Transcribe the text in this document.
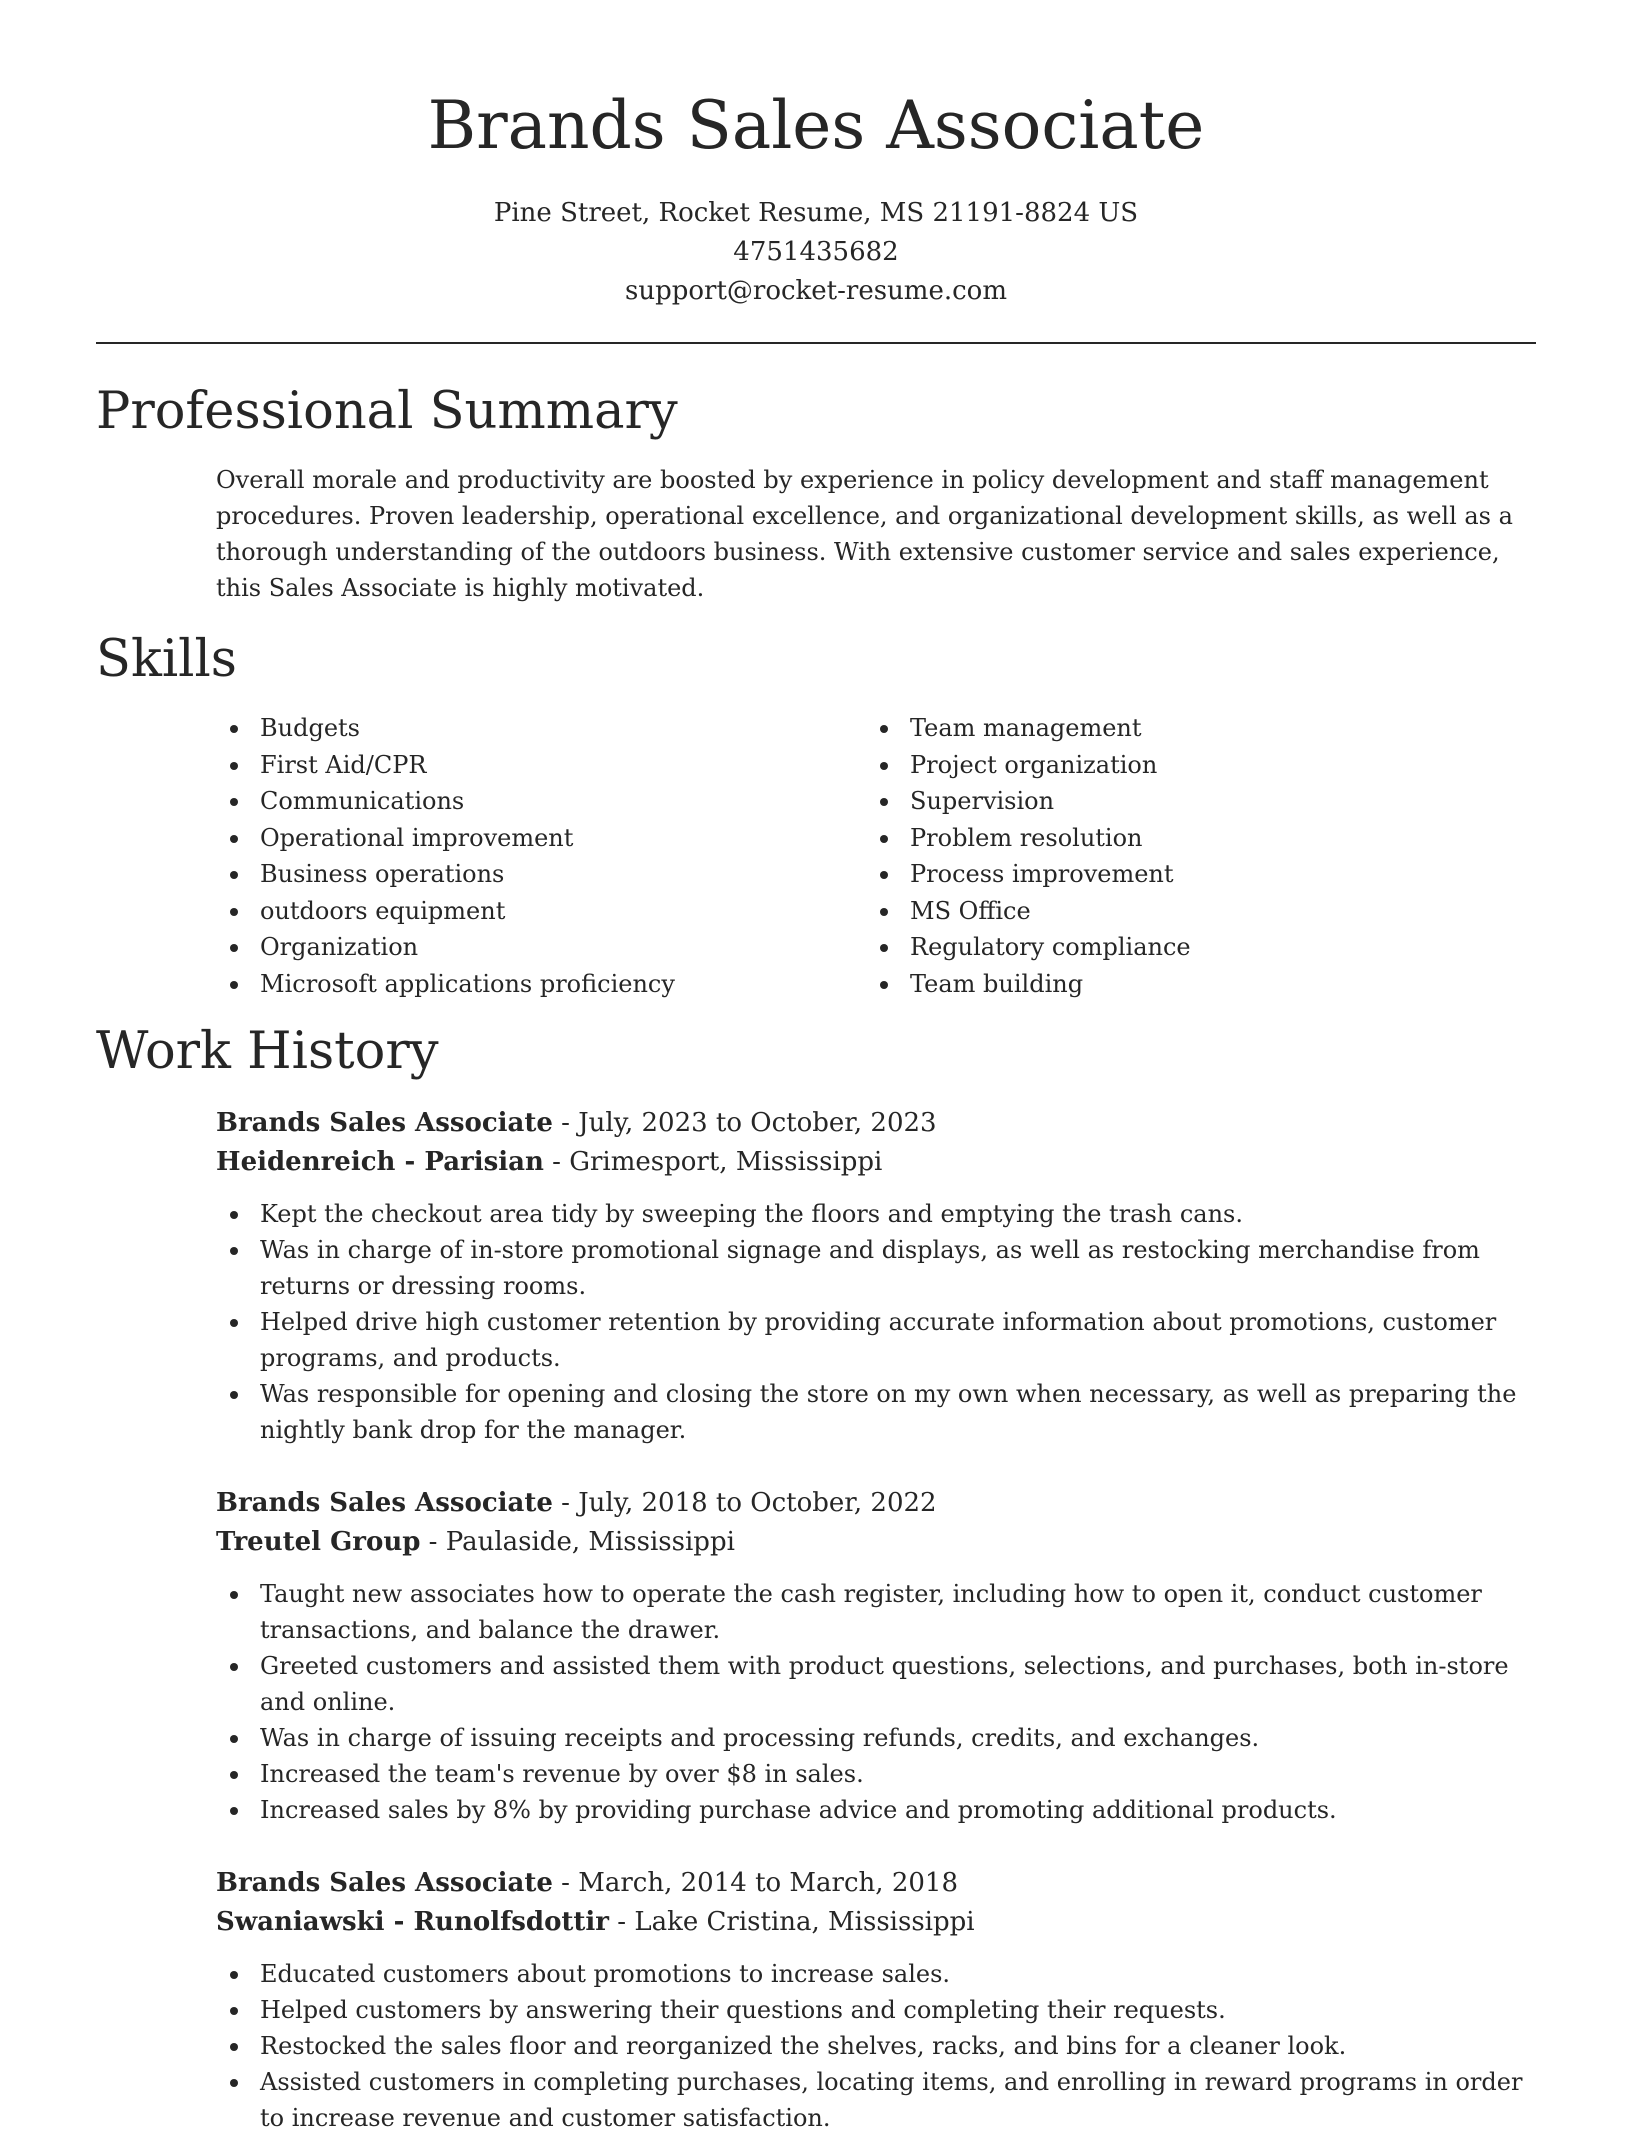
Brands Sales Associate
Pine Street, Rocket Resume, MS 21191-8824 US
4751435682
support@rocket-resume.com
Professional Summary

Overall morale and productivity are boosted by experience in policy development and staff management procedures. Proven leadership, operational excellence, and organizational development skills, as well as a thorough understanding of the outdoors business. With extensive customer service and sales experience, this Sales Associate is highly motivated.

Skills
Budgets
First Aid/CPR
Communications
Operational improvement
Business operations
outdoors equipment
Organization
Microsoft applications proficiency
Team management
Project organization
Supervision
Problem resolution
Process improvement
MS Office
Regulatory compliance
Team building
Work History
Brands Sales Associate - July, 2023 to October, 2023
Heidenreich - Parisian - Grimesport, Mississippi
Kept the checkout area tidy by sweeping the floors and emptying the trash cans.
Was in charge of in-store promotional signage and displays, as well as restocking merchandise from returns or dressing rooms.
Helped drive high customer retention by providing accurate information about promotions, customer programs, and products.
Was responsible for opening and closing the store on my own when necessary, as well as preparing the nightly bank drop for the manager.
Brands Sales Associate - July, 2018 to October, 2022
Treutel Group - Paulaside, Mississippi
Taught new associates how to operate the cash register, including how to open it, conduct customer transactions, and balance the drawer.
Greeted customers and assisted them with product questions, selections, and purchases, both in-store and online.
Was in charge of issuing receipts and processing refunds, credits, and exchanges.
Increased the team's revenue by over $8 in sales.
Increased sales by 8% by providing purchase advice and promoting additional products.
Brands Sales Associate - March, 2014 to March, 2018
Swaniawski - Runolfsdottir - Lake Cristina, Mississippi
Educated customers about promotions to increase sales.
Helped customers by answering their questions and completing their requests.
Restocked the sales floor and reorganized the shelves, racks, and bins for a cleaner look.
Assisted customers in completing purchases, locating items, and enrolling in reward programs in order to increase revenue and customer satisfaction.
